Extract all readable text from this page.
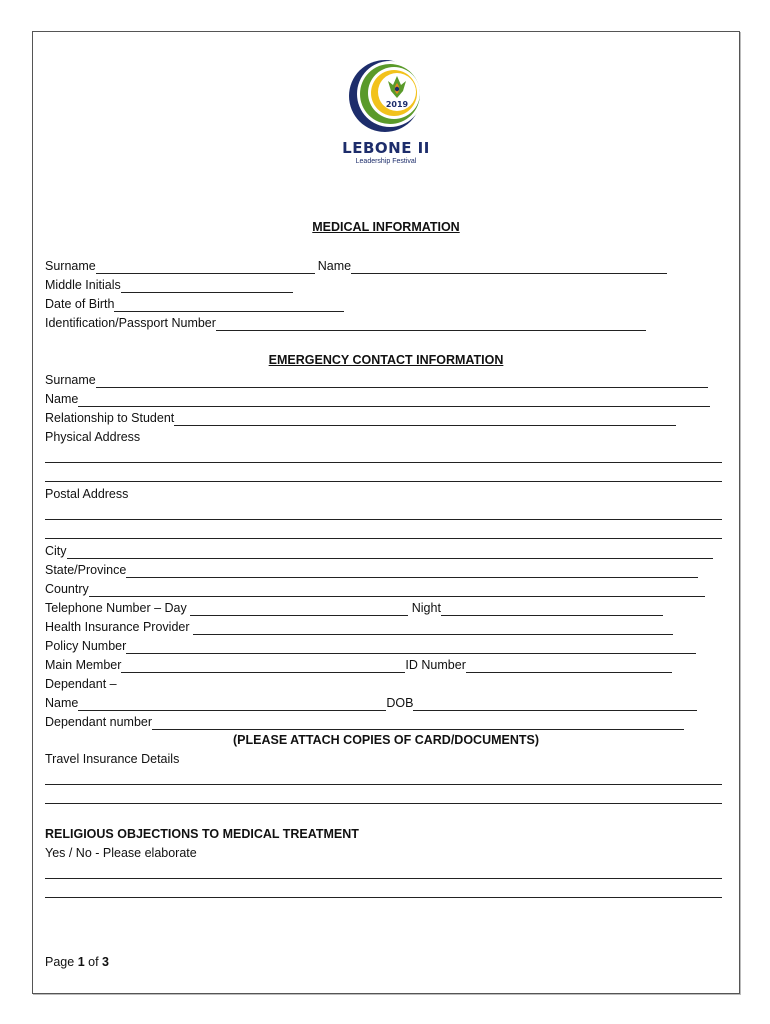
2019
LEBONE II
Leadership Festival
MEDICAL INFORMATION
Surname	Name
Middle Initials
Date of Birth
Identification/Passport Number
EMERGENCY CONTACT INFORMATION
Surname
Name
Relationship to Student
Physical Address
Postal Address
City
State/Province
Country
Telephone Number – Day	Night
Health Insurance Provider
Policy Number
Main Member	ID Number
Dependant –
Name	DOB
Dependant number
(PLEASE ATTACH COPIES OF CARD/DOCUMENTS)
Travel Insurance Details
RELIGIOUS OBJECTIONS TO MEDICAL TREATMENT
Yes / No - Please elaborate
Page 1 of 3
